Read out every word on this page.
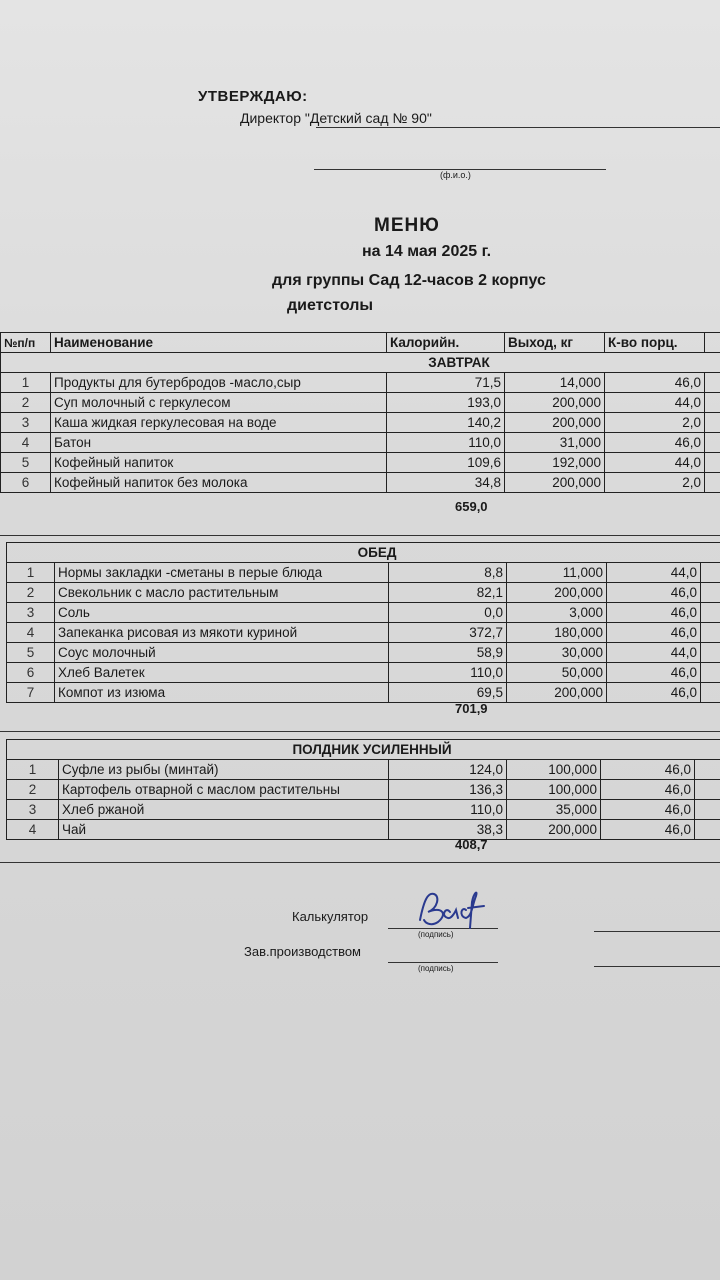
УТВЕРЖДАЮ:
Директор "Детский сад № 90"
(ф.и.о.)
МЕНЮ
на 14 мая 2025 г.
для группы Сад 12-часов 2 корпус
диетстолы
№п/п	Наименование	Калорийн.	Выход, кг	К-во порц.	
ЗАВТРАК					
1	Продукты для бутербродов -масло,сыр	71,5	14,000	46,0	
2	Суп молочный с геркулесом	193,0	200,000	44,0	
3	Каша жидкая геркулесовая на воде	140,2	200,000	2,0	
4	Батон	110,0	31,000	46,0	
5	Кофейный напиток	109,6	192,000	44,0	
6	Кофейный напиток без молока	34,8	200,000	2,0	
659,0
ОБЕД					
1	Нормы закладки -сметаны в перые блюда	8,8	11,000	44,0	
2	Свекольник с масло растительным	82,1	200,000	46,0	
3	Соль	0,0	3,000	46,0	
4	Запеканка рисовая из мякоти куриной	372,7	180,000	46,0	
5	Соус молочный	58,9	30,000	44,0	
6	Хлеб Валетек	110,0	50,000	46,0	
7	Компот из изюма	69,5	200,000	46,0	
701,9
ПОЛДНИК УСИЛЕННЫЙ					
1	Суфле из рыбы (минтай)	124,0	100,000	46,0	
2	Картофель отварной с маслом растительны	136,3	100,000	46,0	
3	Хлеб ржаной	110,0	35,000	46,0	
4	Чай	38,3	200,000	46,0	
408,7
Калькулятор
(подпись)
Зав.производством
(подпись)
